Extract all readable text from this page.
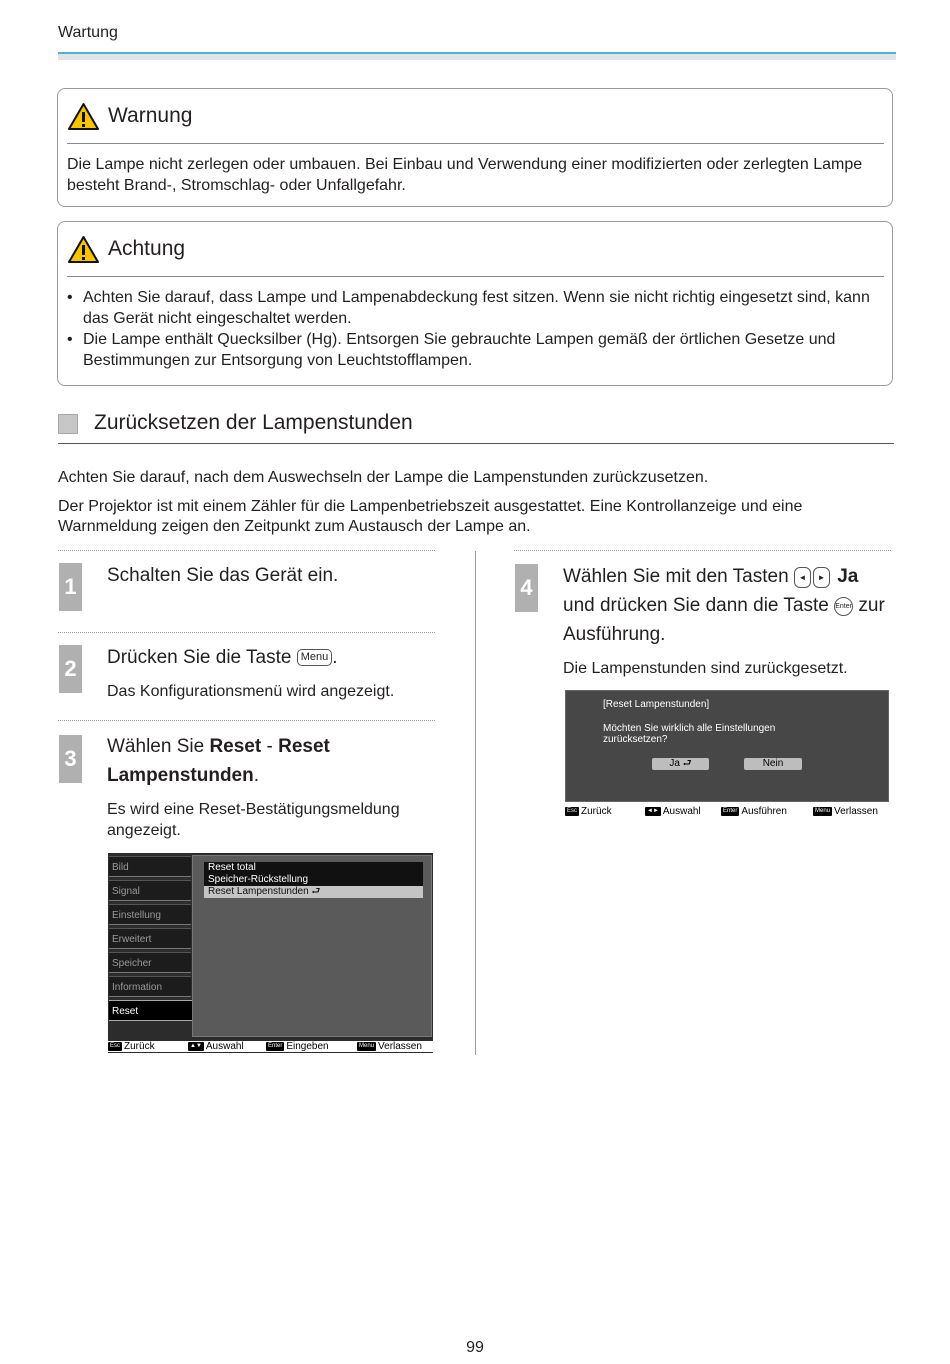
Wartung
Warnung
Die Lampe nicht zerlegen oder umbauen. Bei Einbau und Verwendung einer modifizierten oder zerlegten Lampe besteht Brand-, Stromschlag- oder Unfallgefahr.
Achtung
• Achten Sie darauf, dass Lampe und Lampenabdeckung fest sitzen. Wenn sie nicht richtig eingesetzt sind, kann das Gerät nicht eingeschaltet werden.
• Die Lampe enthält Quecksilber (Hg). Entsorgen Sie gebrauchte Lampen gemäß der örtlichen Gesetze und Bestimmungen zur Entsorgung von Leuchtstofflampen.
Zurücksetzen der Lampenstunden
Achten Sie darauf, nach dem Auswechseln der Lampe die Lampenstunden zurückzusetzen.
Der Projektor ist mit einem Zähler für die Lampenbetriebszeit ausgestattet. Eine Kontrollanzeige und eine Warnmeldung zeigen den Zeitpunkt zum Austausch der Lampe an.
1 Schalten Sie das Gerät ein.
2 Drücken Sie die Taste Menu .
Das Konfigurationsmenü wird angezeigt.
3 Wählen Sie Reset - Reset Lampenstunden.
Es wird eine Reset-Bestätigungsmeldung angezeigt.
Bild
Signal
Einstellung
Erweitert
Speicher
Information
Reset
Reset total
Speicher-Rückstellung
Reset Lampenstunden ⮐
Esc Zurück	▲▼ Auswahl	Enter Eingeben	Menu Verlassen
4 Wählen Sie mit den Tasten ◄ ► Ja
und drücken Sie dann die Taste Enter zur
Ausführung.
Die Lampenstunden sind zurückgesetzt.
[Reset Lampenstunden]
Möchten Sie wirklich alle Einstellungen
zurücksetzen?
Ja ⮐	Nein
Esc Zurück	◄► Auswahl	Enter Ausführen	Menu Verlassen
99
